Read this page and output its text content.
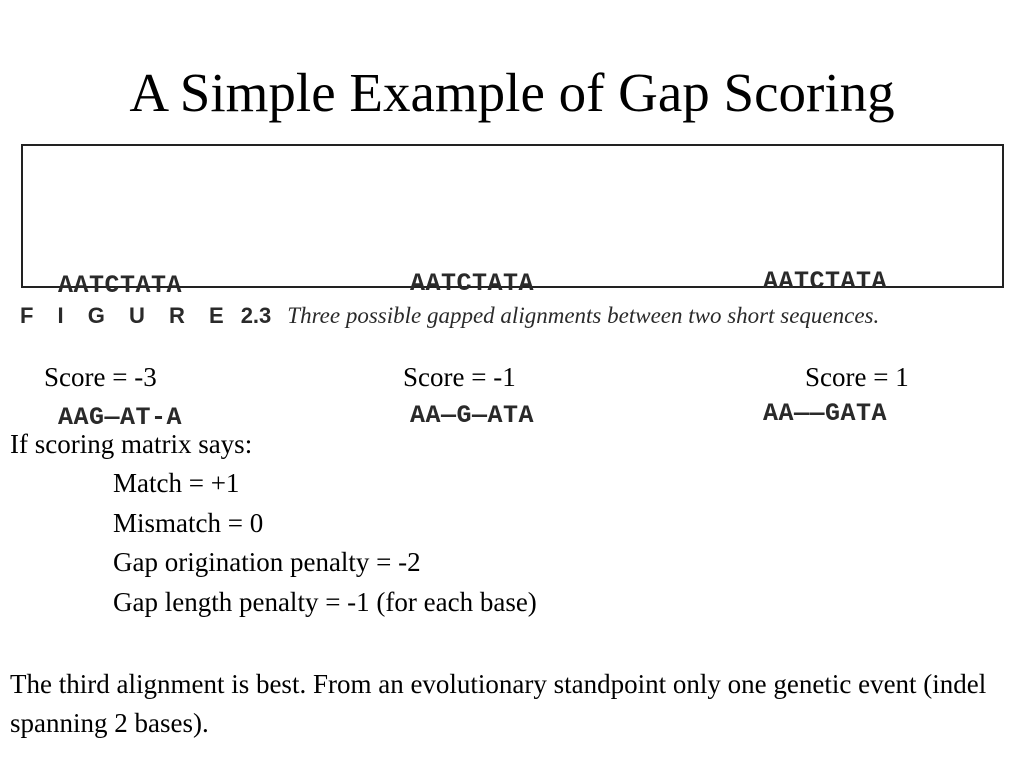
A Simple Example of Gap Scoring

AATCTATA

AAG—AT-A

AATCTATA

AA—G—ATA

AATCTATA

AA——GATA

F I G U R E 2.3 Three possible gapped alignments between two short sequences.
Score = -3	Score = -1	Score = 1
If scoring matrix says:
Match = +1
Mismatch = 0
Gap origination penalty = -2
Gap length penalty = -1 (for each base)
The third alignment is best. From an evolutionary standpoint only one genetic event (indel spanning 2 bases).
